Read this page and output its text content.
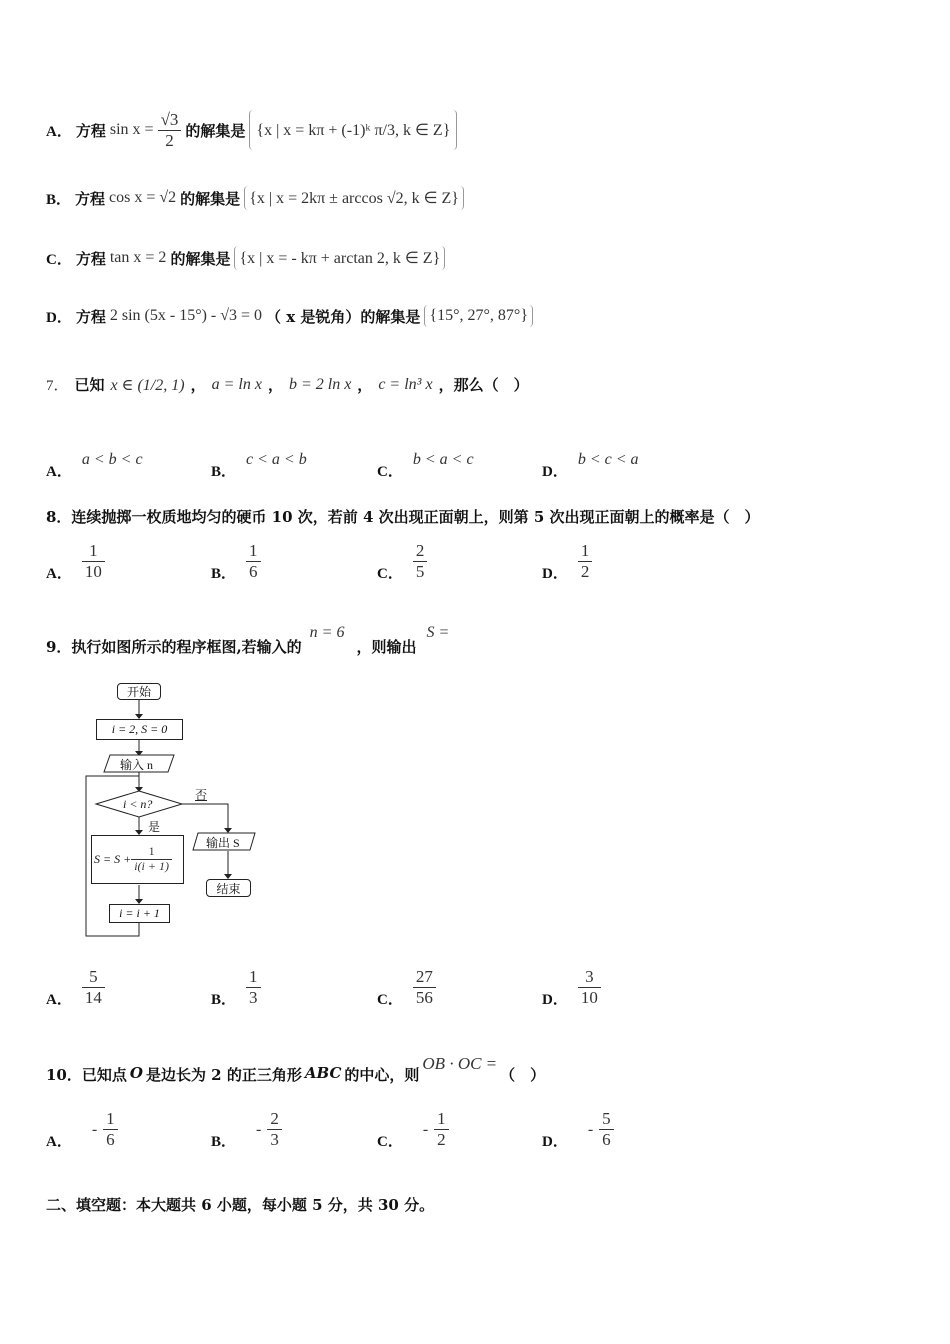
A． 方程 $\sin x = \frac{√3}{2}$ 的解集是 {x | x = kπ + (-1)ᵏ π/3, k ∈ Z}
B． 方程 cos x = √2 的解集是 {x | x = 2kπ ± arccos √2, k ∈ Z}
C． 方程 tan x = 2 的解集是 {x | x = - kπ + arctan 2, k ∈ Z}
D． 方程 2 sin (5x - 15°) - √3 = 0 （ x 是锐角）的解集是 {15°, 27°, 87°}
7． 已知 x ∈ (1/2, 1) ， a = ln x ， b = 2 ln x ， c = ln³ x ，那么（　）
A．a < b < c
B．c < a < b
C．b < a < c
D．b < c < a
8．连续抛掷一枚质地均匀的硬币 10 次，若前 4 次出现正面朝上，则第 5 次出现正面朝上的概率是（　）
A． $\frac{1}{10}$	B． $\frac{1}{6}$	C． $\frac{2}{5}$	D． $\frac{1}{2}$
9．执行如图所示的程序框图,若输入的
n = 6
，则输出
S =
开始
i = 2, S = 0
输入 n
i < n?
否
是
输出 S
$S = S + \frac{1}{i(i + 1)}$
结束
i = i + 1
A． $\frac{5}{14}$	B． $\frac{1}{3}$	C． $\frac{27}{56}$	D． $\frac{3}{10}$
10．已知点 O 是边长为 2 的正三角形 ABC 的中心，则
OB · OC =
（　）
A．
- $\frac{1}{6}$	B．
- $\frac{2}{3}$	C．
- $\frac{1}{2}$	D．
- $\frac{5}{6}$
二、填空题：本大题共 6 小题，每小题 5 分，共 30 分。
